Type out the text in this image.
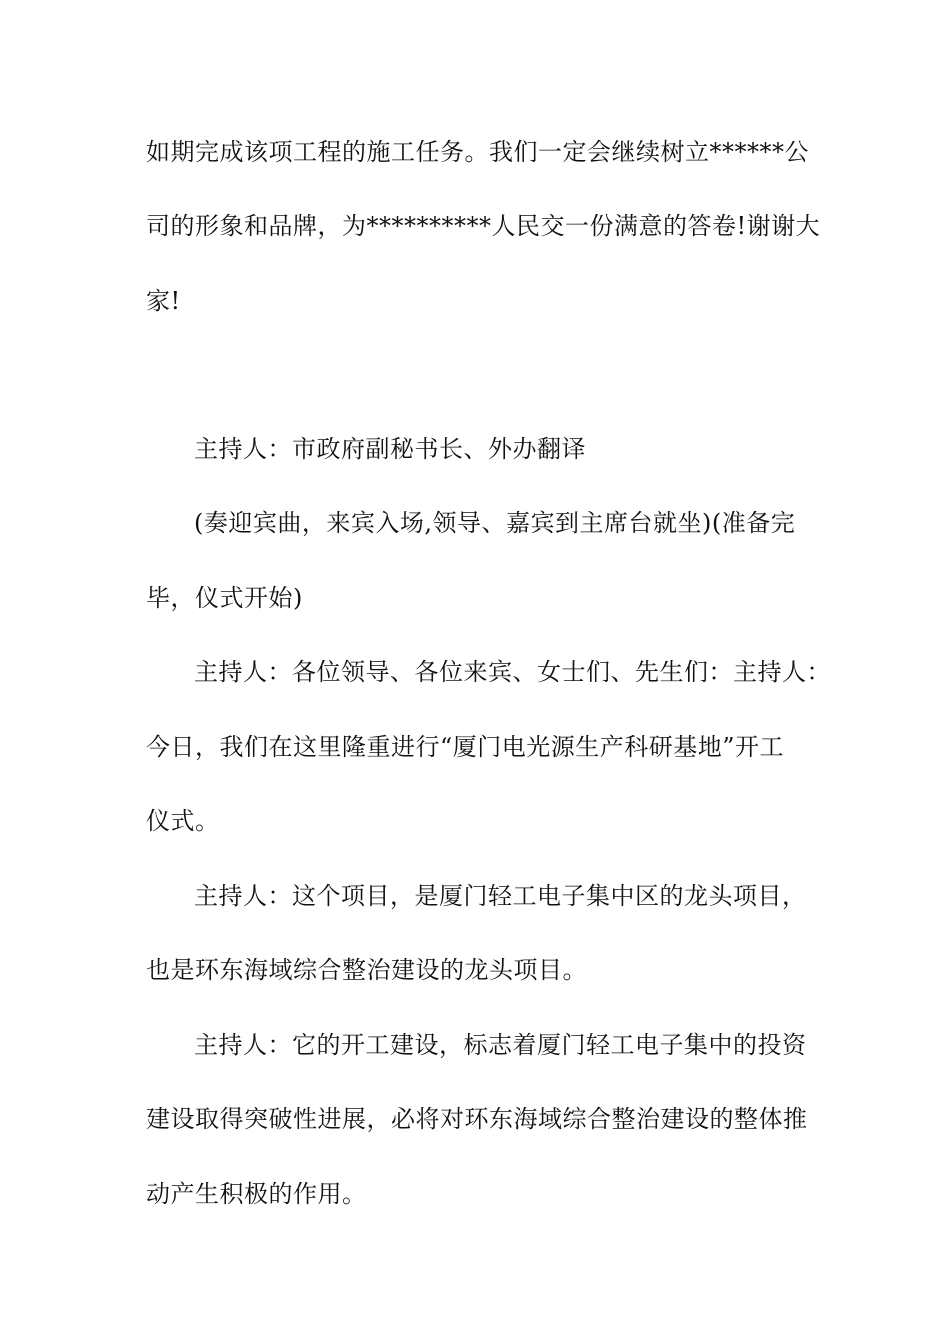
如期完成该项工程的施工任务。我们一定会继续树立******公
司的形象和品牌，为**********人民交一份满意的答卷!谢谢大
家!
主持人：市政府副秘书长、外办翻译
(奏迎宾曲，来宾入场,领导、嘉宾到主席台就坐)(准备完
毕，仪式开始)
主持人：各位领导、各位来宾、女士们、先生们：主持人：
今日，我们在这里隆重进行“厦门电光源生产科研基地”开工
仪式。
主持人：这个项目，是厦门轻工电子集中区的龙头项目，
也是环东海域综合整治建设的龙头项目。
主持人：它的开工建设，标志着厦门轻工电子集中的投资
建设取得突破性进展，必将对环东海域综合整治建设的整体推
动产生积极的作用。
